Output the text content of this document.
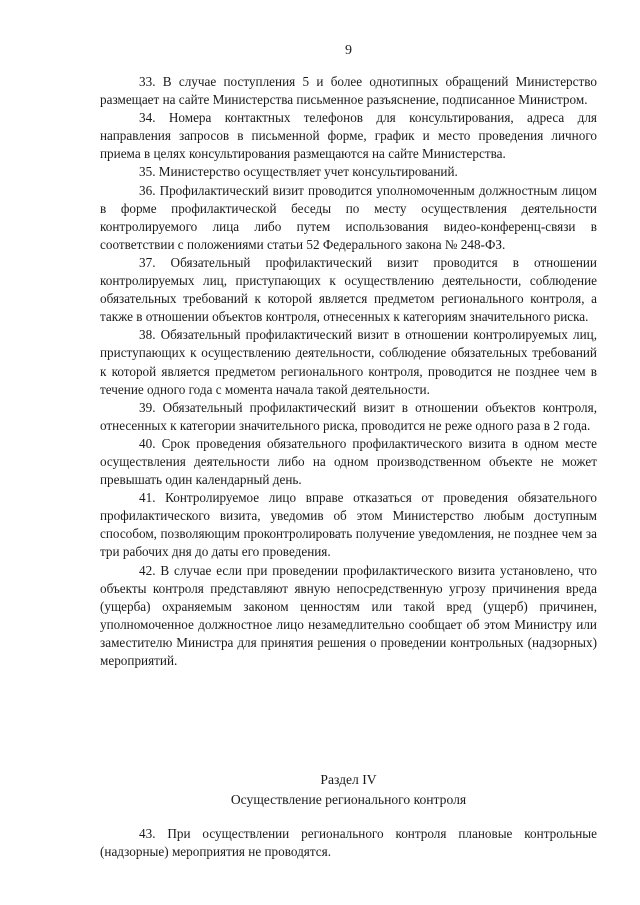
9

33. В случае поступления 5 и более однотипных обращений Министерство размещает на сайте Министерства письменное разъяснение, подписанное Министром.

34. Номера контактных телефонов для консультирования, адреса для направления запросов в письменной форме, график и место проведения личного приема в целях консультирования размещаются на сайте Министерства.

35. Министерство осуществляет учет консультирований.

36. Профилактический визит проводится уполномоченным должностным лицом в форме профилактической беседы по месту осуществления деятельности контролируемого лица либо путем использования видео-конференц-связи в соответствии с положениями статьи 52 Федерального закона № 248-ФЗ.

37. Обязательный профилактический визит проводится в отношении контролируемых лиц, приступающих к осуществлению деятельности, соблюдение обязательных требований к которой является предметом регионального контроля, а также в отношении объектов контроля, отнесенных к категориям значительного риска.

38. Обязательный профилактический визит в отношении контролируемых лиц, приступающих к осуществлению деятельности, соблюдение обязательных требований к которой является предметом регионального контроля, проводится не позднее чем в течение одного года с момента начала такой деятельности.

39. Обязательный профилактический визит в отношении объектов контроля, отнесенных к категории значительного риска, проводится не реже одного раза в 2 года.

40. Срок проведения обязательного профилактического визита в одном месте осуществления деятельности либо на одном производственном объекте не может превышать один календарный день.

41. Контролируемое лицо вправе отказаться от проведения обязательного профилактического визита, уведомив об этом Министерство любым доступным способом, позволяющим проконтролировать получение уведомления, не позднее чем за три рабочих дня до даты его проведения.

42. В случае если при проведении профилактического визита установлено, что объекты контроля представляют явную непосредственную угрозу причинения вреда (ущерба) охраняемым законом ценностям или такой вред (ущерб) причинен, уполномоченное должностное лицо незамедлительно сообщает об этом Министру или заместителю Министра для принятия решения о проведении контрольных (надзорных) мероприятий.

Раздел IV
Осуществление регионального контроля

43. При осуществлении регионального контроля плановые контрольные (надзорные) мероприятия не проводятся.
